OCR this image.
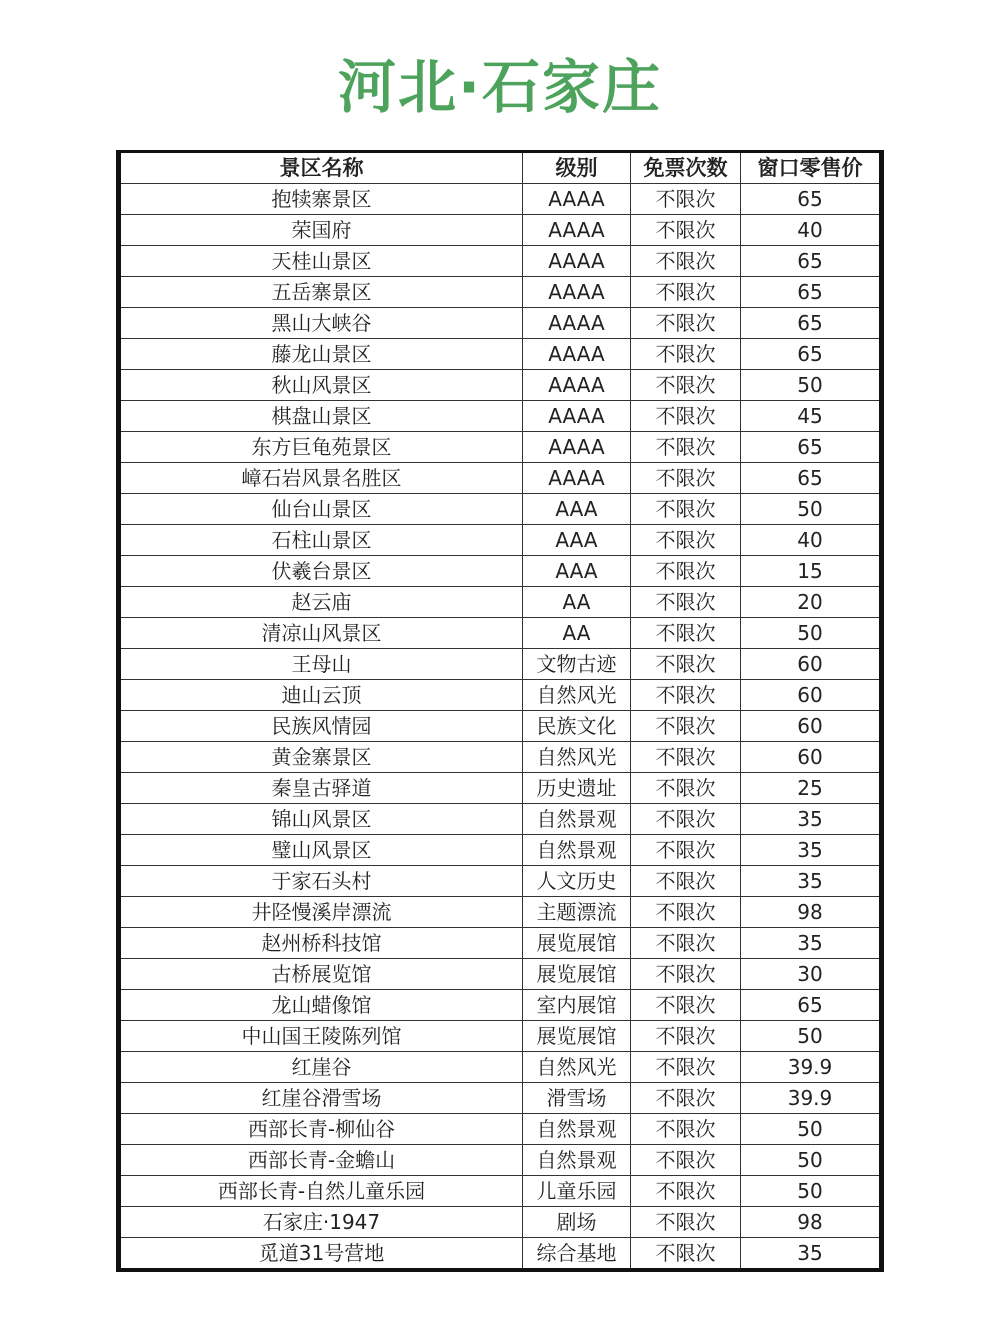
河北·石家庄
景区名称	级别	免票次数	窗口零售价
抱犊寨景区	AAAA	不限次	65
荣国府	AAAA	不限次	40
天桂山景区	AAAA	不限次	65
五岳寨景区	AAAA	不限次	65
黑山大峡谷	AAAA	不限次	65
藤龙山景区	AAAA	不限次	65
秋山风景区	AAAA	不限次	50
棋盘山景区	AAAA	不限次	45
东方巨龟苑景区	AAAA	不限次	65
嶂石岩风景名胜区	AAAA	不限次	65
仙台山景区	AAA	不限次	50
石柱山景区	AAA	不限次	40
伏羲台景区	AAA	不限次	15
赵云庙	AA	不限次	20
清凉山风景区	AA	不限次	50
王母山	文物古迹	不限次	60
迪山云顶	自然风光	不限次	60
民族风情园	民族文化	不限次	60
黄金寨景区	自然风光	不限次	60
秦皇古驿道	历史遗址	不限次	25
锦山风景区	自然景观	不限次	35
璧山风景区	自然景观	不限次	35
于家石头村	人文历史	不限次	35
井陉慢溪岸漂流	主题漂流	不限次	98
赵州桥科技馆	展览展馆	不限次	35
古桥展览馆	展览展馆	不限次	30
龙山蜡像馆	室内展馆	不限次	65
中山国王陵陈列馆	展览展馆	不限次	50
红崖谷	自然风光	不限次	39.9
红崖谷滑雪场	滑雪场	不限次	39.9
西部长青-柳仙谷	自然景观	不限次	50
西部长青-金蟾山	自然景观	不限次	50
西部长青-自然儿童乐园	儿童乐园	不限次	50
石家庄·1947	剧场	不限次	98
觅道31号营地	综合基地	不限次	35
